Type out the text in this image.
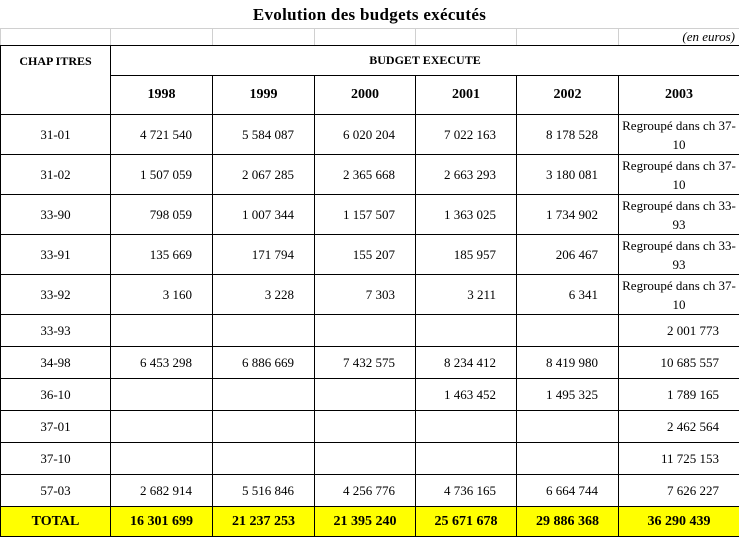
Evolution des budgets exécutés
						(en euros)
CHAP ITRES	BUDGET EXECUTE					
	1998	1999	2000	2001	2002	2003
31-01	4 721 540	5 584 087	6 020 204	7 022 163	8 178 528	Regroupé dans ch 37-10
31-02	1 507 059	2 067 285	2 365 668	2 663 293	3 180 081	Regroupé dans ch 37-10
33-90	798 059	1 007 344	1 157 507	1 363 025	1 734 902	Regroupé dans ch 33-93
33-91	135 669	171 794	155 207	185 957	206 467	Regroupé dans ch 33-93
33-92	3 160	3 228	7 303	3 211	6 341	Regroupé dans ch 37-10
33-93						2 001 773
34-98	6 453 298	6 886 669	7 432 575	8 234 412	8 419 980	10 685 557
36-10				1 463 452	1 495 325	1 789 165
37-01						2 462 564
37-10						11 725 153
57-03	2 682 914	5 516 846	4 256 776	4 736 165	6 664 744	7 626 227
TOTAL	16 301 699	21 237 253	21 395 240	25 671 678	29 886 368	36 290 439
